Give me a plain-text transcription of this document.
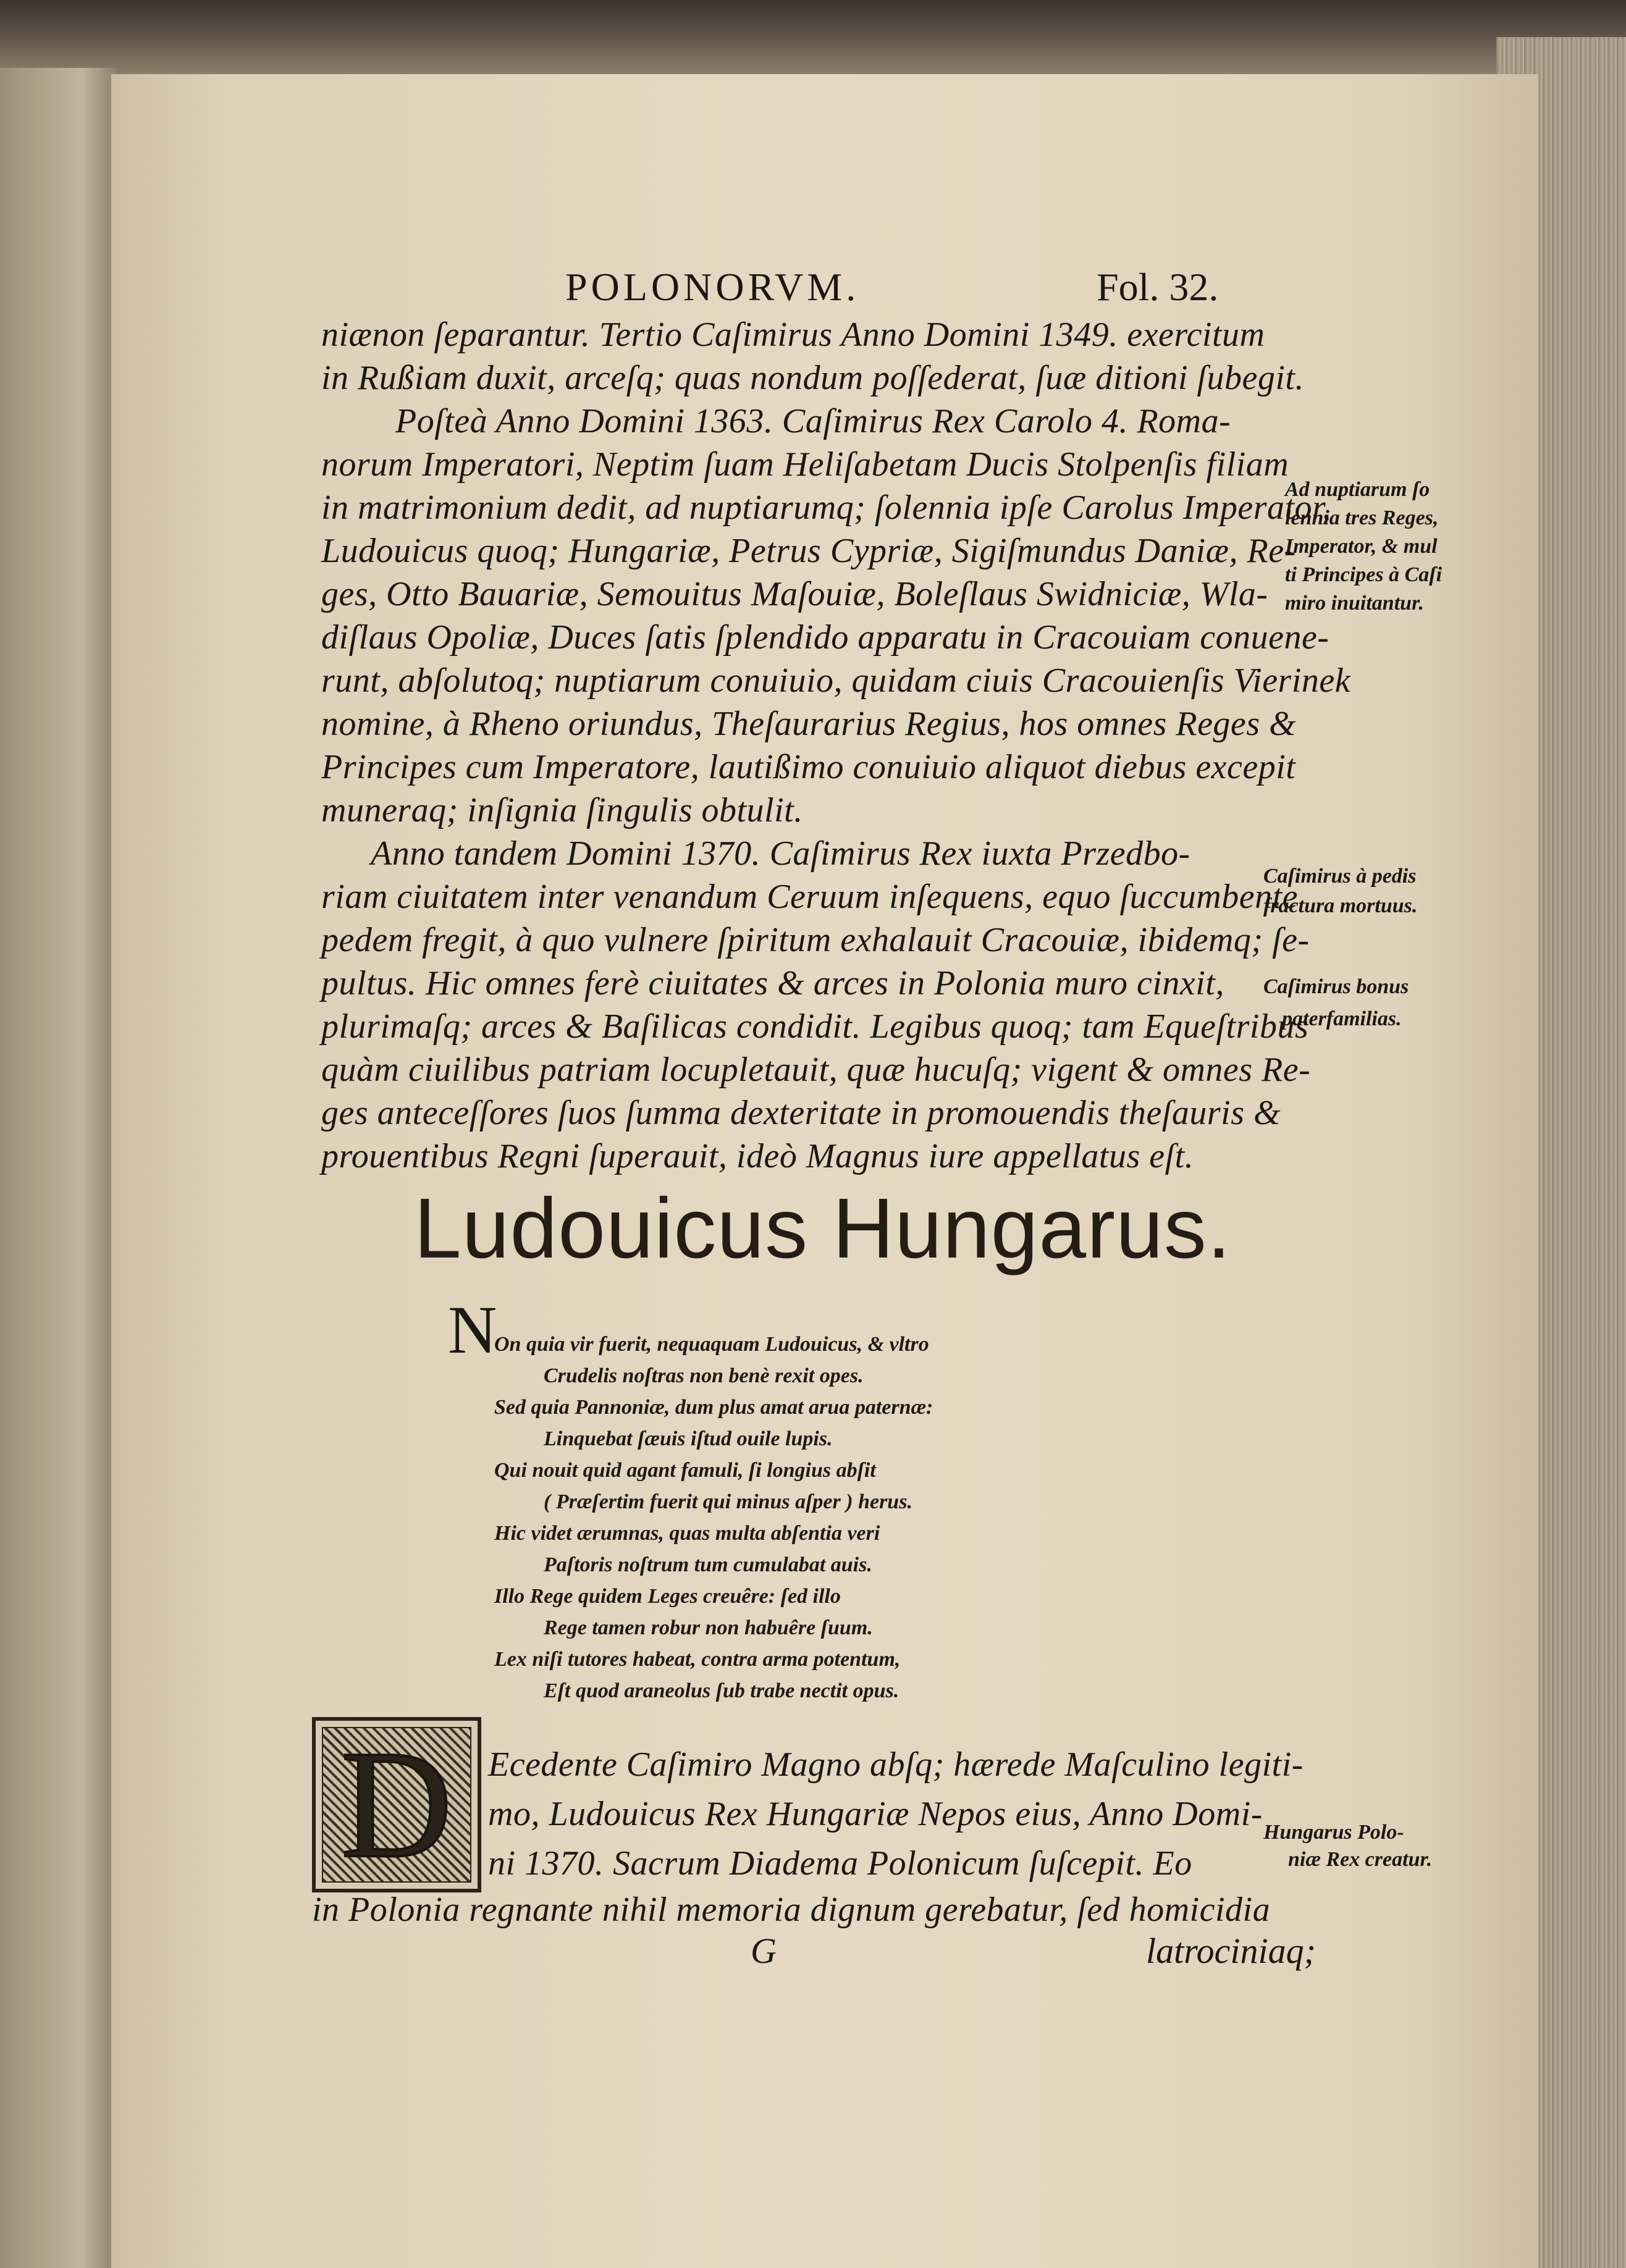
POLONORVM.	Fol. 32.
niænon ſeparantur. Tertio Caſimirus Anno Domini 1349. exercitum
in Rußiam duxit, arceſq; quas nondum poſſederat, ſuæ ditioni ſubegit.
Poſteà Anno Domini 1363. Caſimirus Rex Carolo 4. Roma-
norum Imperatori, Neptim ſuam Heliſabetam Ducis Stolpenſis filiam
in matrimonium dedit, ad nuptiarumq; ſolennia ipſe Carolus Imperator,
Ludouicus quoq; Hungariæ, Petrus Cypriæ, Sigiſmundus Daniæ, Re-
ges, Otto Bauariæ, Semouitus Maſouiæ, Boleſlaus Swidniciæ, Wla-
diſlaus Opoliæ, Duces ſatis ſplendido apparatu in Cracouiam conuene-
runt, abſolutoq; nuptiarum conuiuio, quidam ciuis Cracouienſis Vierinek
nomine, à Rheno oriundus, Theſaurarius Regius, hos omnes Reges &
Principes cum Imperatore, lautißimo conuiuio aliquot diebus excepit
muneraq; inſignia ſingulis obtulit.
Anno tandem Domini 1370. Caſimirus Rex iuxta Przedbo-
riam ciuitatem inter venandum Ceruum inſequens, equo ſuccumbente
pedem fregit, à quo vulnere ſpiritum exhalauit Cracouiæ, ibidemq; ſe-
pultus. Hic omnes ferè ciuitates & arces in Polonia muro cinxit,
plurimaſq; arces & Baſilicas condidit. Legibus quoq; tam Equeſtribus
quàm ciuilibus patriam locupletauit, quæ hucuſq; vigent & omnes Re-
ges anteceſſores ſuos ſumma dexteritate in promouendis theſauris &
prouentibus Regni ſuperauit, ideò Magnus iure appellatus eſt.
Ad nuptiarum ſo
lennia tres Reges,
Imperator, & mul
ti Principes à Caſi
miro inuitantur.
Caſimirus à pedis
fractura mortuus.
Caſimirus bonus
paterfamilias.
Hungarus Polo-
niæ Rex creatur.
Ludouicus Hungarus.
N
On quia vir fuerit, nequaquam Ludouicus, & vltro
Crudelis noſtras non benè rexit opes.
Sed quia Pannoniæ, dum plus amat arua paternæ:
Linquebat ſæuis iſtud ouile lupis.
Qui nouit quid agant famuli, ſi longius abſit
( Præſertim fuerit qui minus aſper ) herus.
Hic videt ærumnas, quas multa abſentia veri
Paſtoris noſtrum tum cumulabat auis.
Illo Rege quidem Leges creuêre: ſed illo
Rege tamen robur non habuêre ſuum.
Lex niſi tutores habeat, contra arma potentum,
Eſt quod araneolus ſub trabe nectit opus.
D	Ecedente Caſimiro Magno abſq; hærede Maſculino legiti-
mo, Ludouicus Rex Hungariæ Nepos eius, Anno Domi-
ni 1370. Sacrum Diadema Polonicum ſuſcepit. Eo
in Polonia regnante nihil memoria dignum gerebatur, ſed homicidia
G	latrociniaq;
